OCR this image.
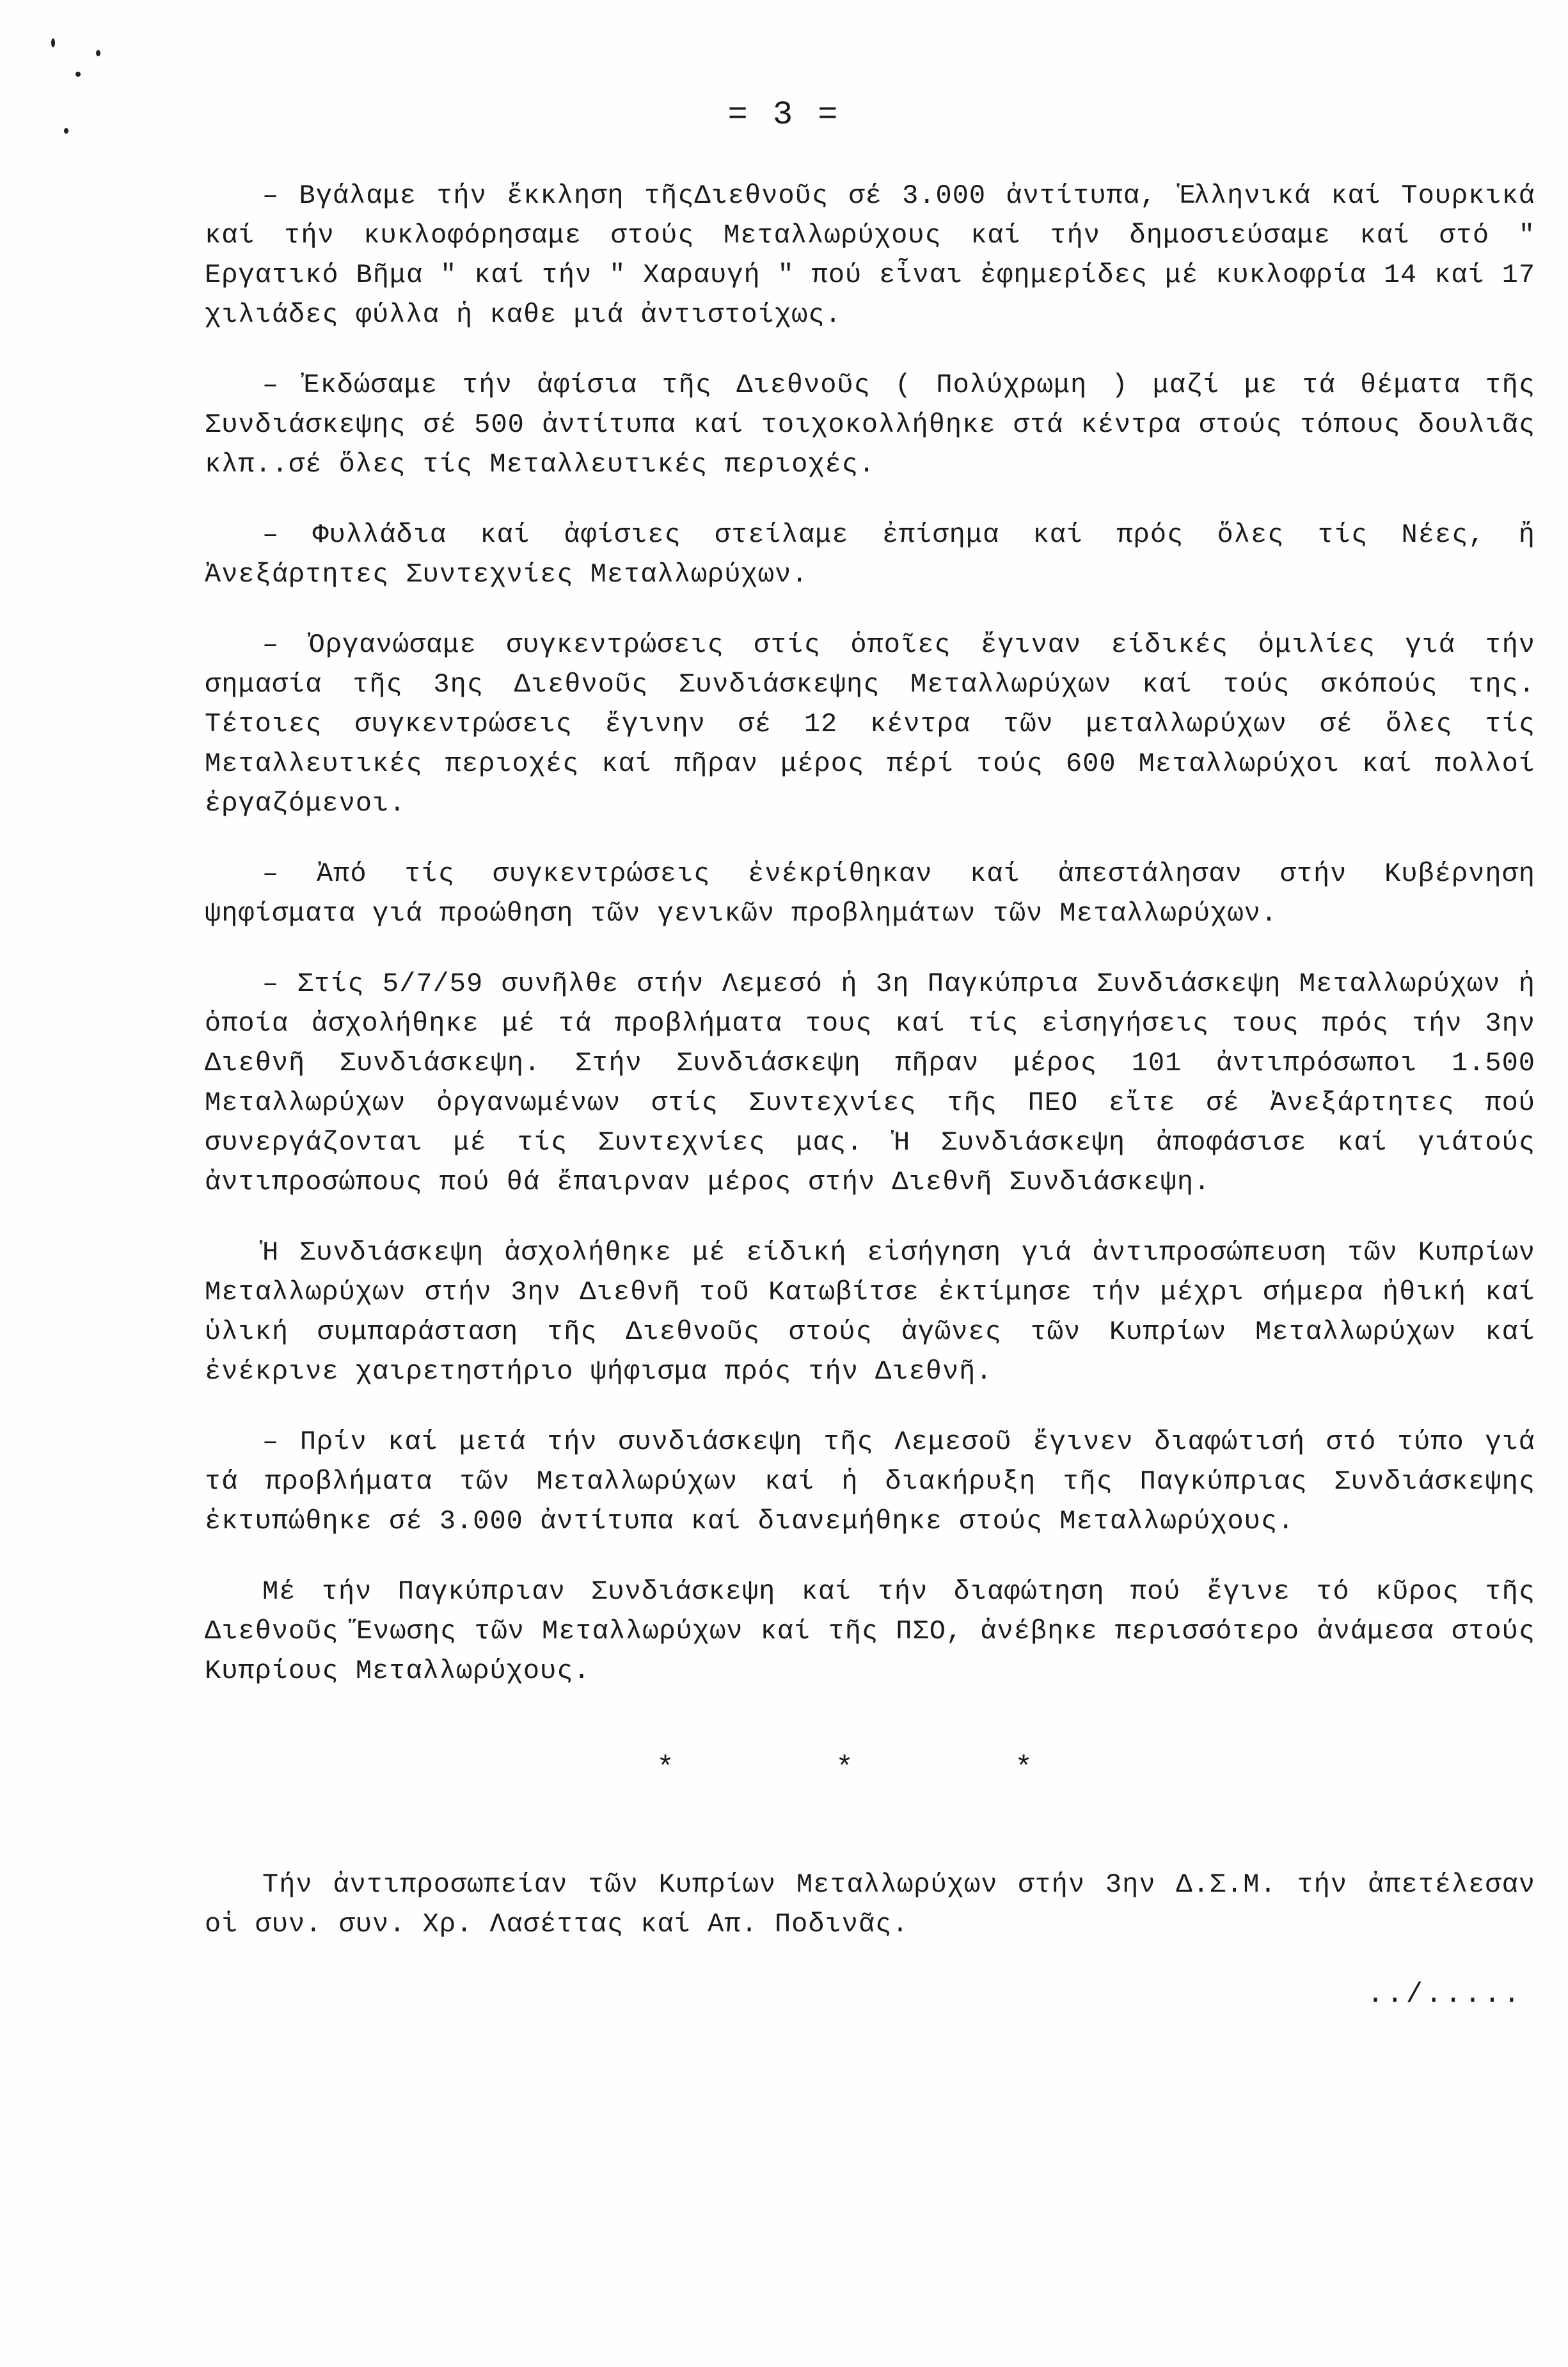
= 3 =

– Βγάλαμε τήν ἔκκληση τῆςΔιεθνοῦς σέ 3.000 ἀντίτυπα, Ἑλληνικά καί Τουρκικά καί τήν κυκλοφόρησαμε στούς Μεταλλωρύχους καί τήν δημοσιεύσαμε καί στό " Εργατικό Βῆμα " καί τήν " Χαραυγή " πού εἶναι ἐφημερίδες μέ κυκλοφρία 14 καί 17 χιλιάδες φύλλα ἡ καθε μιά ἀντιστοίχως.

– Ἐκδώσαμε τήν ἀφίσια τῆς Διεθνοῦς ( Πολύχρωμη ) μαζί με τά θέματα τῆς Συνδιάσκεψης σέ 500 ἀντίτυπα καί τοιχοκολλήθηκε στά κέντρα στούς τόπους δουλιᾶς κλπ..σέ ὅλες τίς Μεταλλευτικές περιοχές.

– Φυλλάδια καί ἀφίσιες στείλαμε ἐπίσημα καί πρός ὅλες τίς Νέες, ἤ Ἀνεξάρτητες Συντεχνίες Μεταλλωρύχων.

– Ὀργανώσαμε συγκεντρώσεις στίς ὁποῖες ἔγιναν είδικές ὁμιλίες γιά τήν σημασία τῆς 3ης Διεθνοῦς Συνδιάσκεψης Μεταλλωρύχων καί τούς σκόπούς της. Τέτοιες συγκεντρώσεις ἔγινην σέ 12 κέντρα τῶν μεταλλωρύχων σέ ὅλες τίς Μεταλλευτικές περιοχές καί πῆραν μέρος πέρί τούς 600 Μεταλλωρύχοι καί πολλοί ἐργαζόμενοι.

– Ἀπό τίς συγκεντρώσεις ἐνέκρίθηκαν καί ἀπεστάλησαν στήν Κυβέρνηση ψηφίσματα γιά προώθηση τῶν γενικῶν προβλημάτων τῶν Μεταλλωρύχων.

– Στίς 5/7/59 συνῆλθε στήν Λεμεσό ἡ 3η Παγκύπρια Συνδιάσκεψη Μεταλλωρύχων ἡ ὁποία ἀσχολήθηκε μέ τά προβλήματα τους καί τίς εἰσηγήσεις τους πρός τήν 3ην Διεθνῆ Συνδιάσκεψη. Στήν Συνδιάσκεψη πῆραν μέρος 101 ἀντιπρόσωποι 1.500 Μεταλλωρύχων ὀργανωμένων στίς Συντεχνίες τῆς ΠΕΟ εἴτε σέ Ἀνεξάρτητες πού συνεργάζονται μέ τίς Συντεχνίες μας. Ἡ Συνδιάσκεψη ἀποφάσισε καί γιάτούς ἀντιπροσώπους πού θά ἔπαιρναν μέρος στήν Διεθνῆ Συνδιάσκεψη.

Ἡ Συνδιάσκεψη ἀσχολήθηκε μέ είδική εἰσήγηση γιά ἀντιπροσώπευση τῶν Κυπρίων Μεταλλωρύχων στήν 3ην Διεθνῆ τοῦ Κατωβίτσε ἐκτίμησε τήν μέχρι σήμερα ἠθική καί ὑλική συμπαράσταση τῆς Διεθνοῦς στούς ἀγῶνες τῶν Κυπρίων Μεταλλωρύχων καί ἐνέκρινε χαιρετηστήριο ψήφισμα πρός τήν Διεθνῆ.

– Πρίν καί μετά τήν συνδιάσκεψη τῆς Λεμεσοῦ ἔγινεν διαφώτισή στό τύπο γιά τά προβλήματα τῶν Μεταλλωρύχων καί ἡ διακήρυξη τῆς Παγκύπριας Συνδιάσκεψης ἐκτυπώθηκε σέ 3.000 ἀντίτυπα καί διανεμήθηκε στούς Μεταλλωρύχους.

Μέ τήν Παγκύπριαν Συνδιάσκεψη καί τήν διαφώτηση πού ἔγινε τό κῦρος τῆς Διεθνοῦς Ἕνωσης τῶν Μεταλλωρύχων καί τῆς ΠΣΟ, ἀνέβηκε περισσότερο ἀνάμεσα στούς Κυπρίους Μεταλλωρύχους.

*	*	*

Τήν ἀντιπροσωπείαν τῶν Κυπρίων Μεταλλωρύχων στήν 3ην Δ.Σ.Μ. τήν ἀπετέλεσαν οἱ συν. συν. Χρ. Λασέττας καί Απ. Ποδινᾶς.

../.....
